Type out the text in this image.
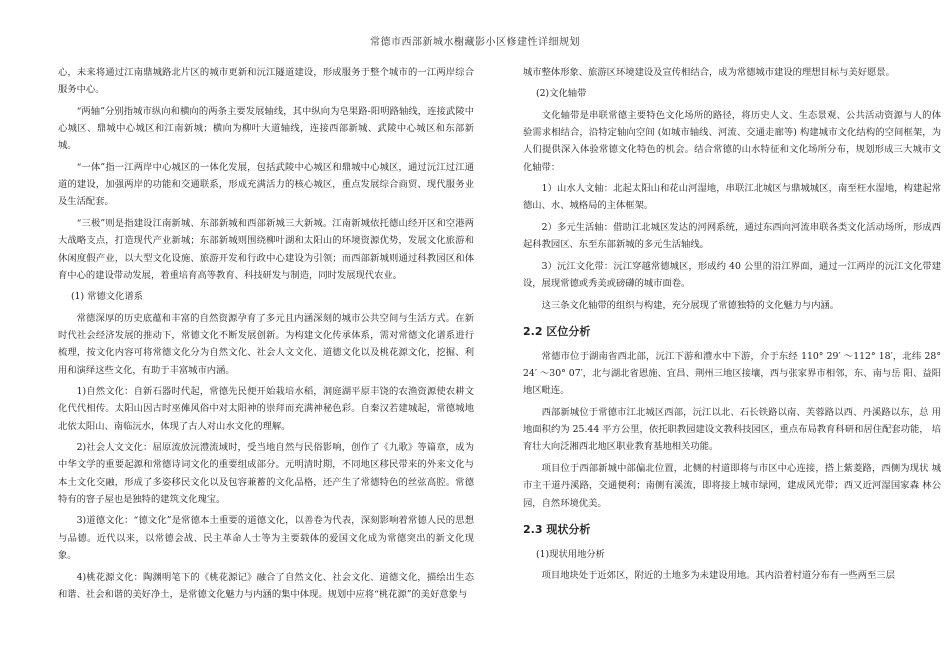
常德市西部新城水榭藏影小区修建性详细规划

心，未来将通过江南鼎城路北片区的城市更新和沅江隧道建设，形成服务于整个城市的一江两岸综合服务中心。

“两轴”分别指城市纵向和横向的两条主要发展轴线，其中纵向为皂果路-阳明路轴线，连接武陵中心城区、鼎城中心城区和江南新城；横向为柳叶大道轴线，连接西部新城、武陵中心城区和东部新城。

“一体”指一江两岸中心城区的一体化发展，包括武陵中心城区和鼎城中心城区，通过沅江过江通道的建设，加强两岸的功能和交通联系，形成充满活力的核心城区，重点发展综合商贸、现代服务业及生活配套。

“三极”则是指建设江南新城、东部新城和西部新城三大新城。江南新城依托德山经开区和空港两大战略支点，打造现代产业新城；东部新城则围绕柳叶湖和太阳山的环境资源优势，发展文化旅游和休闲度假产业，以大型文化设施、旅游开发和行政中心建设为引领；而西部新城则通过科教园区和体育中心的建设带动发展，着重培育高等教育、科技研发与制造，同时发展现代农业。

(1) 常德文化谱系

常德深厚的历史底蕴和丰富的自然资源孕育了多元且内涵深刻的城市公共空间与生活方式。在新时代社会经济发展的推动下，常德文化不断发展创新。为构建文化传承体系，需对常德文化谱系进行梳理，按文化内容可将常德文化分为自然文化、社会人文文化、道德文化以及桃花源文化，挖掘、利用和演绎这些文化，有助于丰富城市内涵。

1)自然文化：自新石器时代起，常德先民便开始栽培水稻，洞庭湖平原丰饶的农渔资源使农耕文化代代相传。太阳山因古时巫傩风俗中对太阳神的崇拜而充满神秘色彩。自秦汉若建城起，常德城地北依太阳山、南临沅水，体现了古人对山水文化的理解。

2)社会人文文化：屈原流放沅澧流域时，受当地自然与民俗影响，创作了《九歌》等篇章，成为中华文学的重要起源和常德诗词文化的重要组成部分。元明清时期，不同地区移民带来的外来文化与本土文化交融，形成了多姿移民文化以及包容兼蓄的文化品格，还产生了常德特色的丝弦高腔。常德特有的窨子屋也是独特的建筑文化瑰宝。

3)道德文化：“德文化”是常德本土重要的道德文化，以善卷为代表，深刻影响着常德人民的思想与品德。近代以来，以常德会战、民主革命人士等为主要载体的爱国文化成为常德突出的新文化现象。

4)桃花源文化：陶渊明笔下的《桃花源记》融合了自然文化、社会文化、道德文化，描绘出生态和谐、社会和谐的美好净土，是常德文化魅力与内涵的集中体现。规划中应将“桃花源”的美好意象与

城市整体形象、旅游区环境建设及宣传相结合，成为常德城市建设的理想目标与美好愿景。

(2)文化轴带

文化轴带是串联常德主要特色文化场所的路径，将历史人文、生态景观、公共活动资源与人的体验需求相结合，沿特定轴向空间 (如城市轴线、河流、交通走廊等) 构建城市文化结构的空间框架，为人们提供深入体验常德文化特色的机会。结合常德的山水特征和文化场所分布，规划形成三大城市文化轴带：

1）山水人文轴：北起太阳山和花山河湿地，串联江北城区与鼎城城区，南至枉水湿地，构建起常德山、水、城格局的主体框架。

2）多元生活轴：借助江北城区发达的河网系统，通过东西向河流串联各类文化活动场所，形成西起科教园区、东至东部新城的多元生活轴线。

3）沅江文化带：沅江穿越常德城区，形成约 40 公里的沿江界面，通过一江两岸的沅江文化带建设，展现常德或秀美或磅礴的城市面卷。

这三条文化轴带的组织与构建，充分展现了常德独特的文化魅力与内涵。

2.2 区位分析

常德市位于湖南省西北部，沅江下游和澧水中下游，介于东经 110° 29′ ～112° 18′，北纬 28° 24′ ～30° 07′，北与湖北省恩施、宜昌、荆州三地区接壤，西与张家界市相邻，东、南与岳 阳、益阳地区毗连。

西部新城位于常德市江北城区西部，沅江以北、石长铁路以南、芙蓉路以西、丹溪路以东，总 用地面积约为 25.44 平方公里，依托职教园建设文教科技园区，重点布局教育科研和居住配套功能， 培育壮大向泛湘西北地区职业教育基地相关功能。

项目位于西部新城中部偏北位置，北侧的村道即将与市区中心连接，搭上紫菱路，西侧为现状 城市主干道丹溪路，交通便利；南侧有溪流，即将接上城市绿网，建成风光带；西又近河湿国家森 林公园，自然环境优美。

2.3 现状分析

(1)现状用地分析

项目地块处于近郊区，附近的土地多为未建设用地。其内沿着村道分布有一些两至三层
